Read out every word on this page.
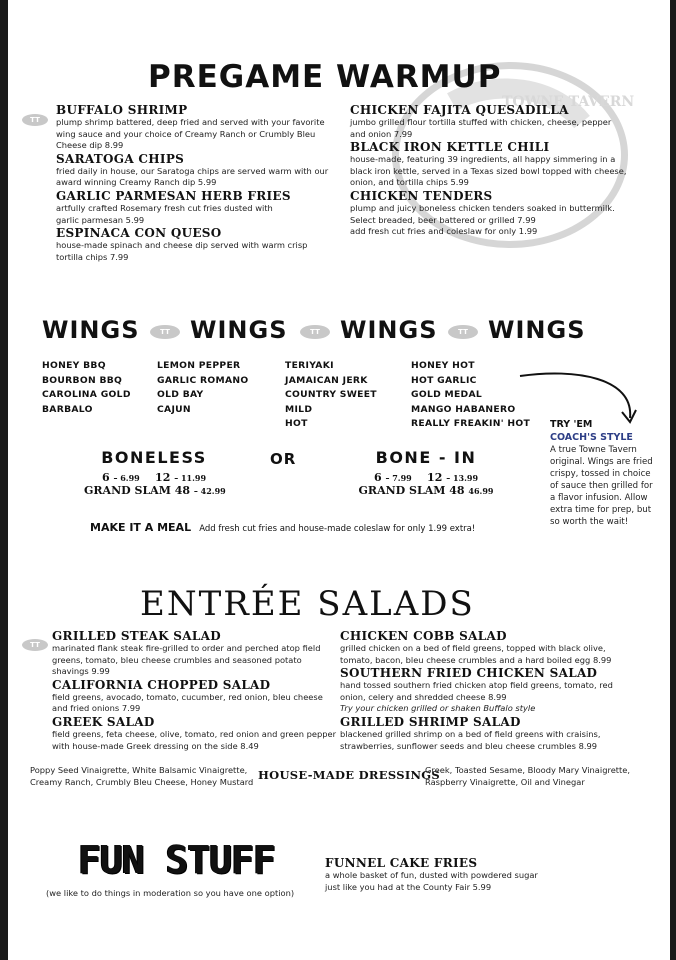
TOWNE TAVERN
PREGAME WARMUP
TT
BUFFALO SHRIMP
plump shrimp battered, deep fried and served with your favorite
wing sauce and your choice of Creamy Ranch or Crumbly Bleu
Cheese dip 8.99
SARATOGA CHIPS
fried daily in house, our Saratoga chips are served warm with our
award winning Creamy Ranch dip 5.99
GARLIC PARMESAN HERB FRIES
artfully crafted Rosemary fresh cut fries dusted with
garlic parmesan 5.99
ESPINACA CON QUESO
house-made spinach and cheese dip served with warm crisp
tortilla chips 7.99
CHICKEN FAJITA QUESADILLA
jumbo grilled flour tortilla stuffed with chicken, cheese, pepper
and onion 7.99
BLACK IRON KETTLE CHILI
house-made, featuring 39 ingredients, all happy simmering in a
black iron kettle, served in a Texas sized bowl topped with cheese,
onion, and tortilla chips 5.99
CHICKEN TENDERS
plump and juicy boneless chicken tenders soaked in buttermilk.
Select breaded, beer battered or grilled 7.99
add fresh cut fries and coleslaw for only 1.99
WINGS	TT WINGS	TT WINGS	TT WINGS
HONEY BBQ
BOURBON BBQ
CAROLINA GOLD
BARBALO
LEMON PEPPER
GARLIC ROMANO
OLD BAY
CAJUN
TERIYAKI
JAMAICAN JERK
COUNTRY SWEET
MILD
HOT
HONEY HOT
HOT GARLIC
GOLD MEDAL
MANGO HABANERO
REALLY FREAKIN' HOT TRY 'EM
COACH'S STYLE
A true Towne Tavern
original. Wings are fried
crispy, tossed in choice
of sauce then grilled for
a flavor infusion. Allow
extra time for prep, but
so worth the wait!
BONELESS
6 – 6.99 12 – 11.99
GRAND SLAM 48 – 42.99
OR	BONE - IN
6 – 7.99 12 – 13.99
GRAND SLAM 48 46.99
MAKE IT A MEAL Add fresh cut fries and house-made coleslaw for only 1.99 extra!
ENTRÉE SALADS
TT
GRILLED STEAK SALAD
marinated flank steak fire-grilled to order and perched atop field
greens, tomato, bleu cheese crumbles and seasoned potato
shavings 9.99
CALIFORNIA CHOPPED SALAD
field greens, avocado, tomato, cucumber, red onion, bleu cheese
and fried onions 7.99
GREEK SALAD
field greens, feta cheese, olive, tomato, red onion and green pepper
with house-made Greek dressing on the side 8.49
CHICKEN COBB SALAD
grilled chicken on a bed of field greens, topped with black olive,
tomato, bacon, bleu cheese crumbles and a hard boiled egg 8.99
SOUTHERN FRIED CHICKEN SALAD
hand tossed southern fried chicken atop field greens, tomato, red
onion, celery and shredded cheese 8.99
Try your chicken grilled or shaken Buffalo style
GRILLED SHRIMP SALAD
blackened grilled shrimp on a bed of field greens with craisins,
strawberries, sunflower seeds and bleu cheese crumbles 8.99
Poppy Seed Vinaigrette, White Balsamic Vinaigrette,
Creamy Ranch, Crumbly Bleu Cheese, Honey Mustard HOUSE-MADE DRESSINGS
Greek, Toasted Sesame, Bloody Mary Vinaigrette,
Raspberry Vinaigrette, Oil and Vinegar
FUN STUFF
(we like to do things in moderation so you have one option)
FUNNEL CAKE FRIES
a whole basket of fun, dusted with powdered sugar
just like you had at the County Fair 5.99
